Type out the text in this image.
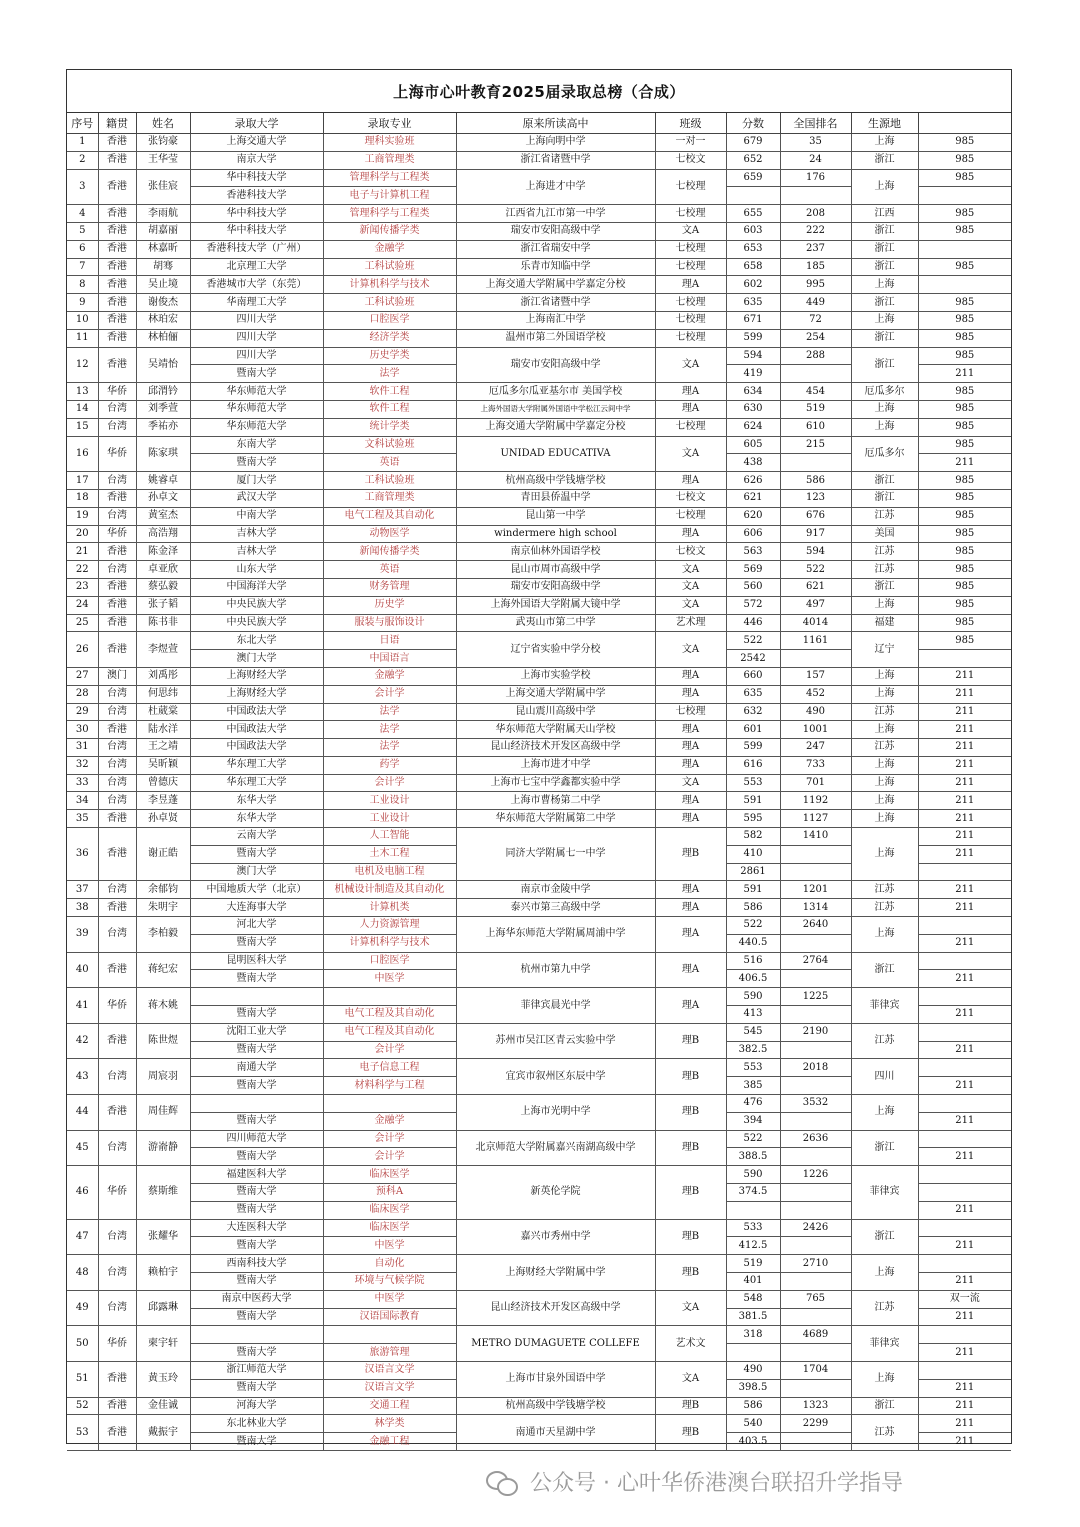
上海市心叶教育2025届录取总榜（合成）
序号	籍贯	姓名	录取大学	录取专业	原来所读高中	班级	分数	全国排名	生源地	
1	香港	张钧豪	上海交通大学	理科实验班	上海向明中学	一对一	679	35	上海	985
2	香港	王华莹	南京大学	工商管理类	浙江省诸暨中学	七校文	652	24	浙江	985
3	香港	张佳宸	华中科技大学	管理科学与工程类	上海进才中学	七校理	659	176	上海	985
			香港科技大学	电子与计算机工程						
4	香港	李雨航	华中科技大学	管理科学与工程类	江西省九江市第一中学	七校理	655	208	江西	985
5	香港	胡嘉丽	华中科技大学	新闻传播学类	瑞安市安阳高级中学	文A	603	222	浙江	985
6	香港	林嘉昕	香港科技大学（广州）	金融学	浙江省瑞安中学	七校理	653	237	浙江	
7	香港	胡骞	北京理工大学	工科试验班	乐青市知临中学	七校理	658	185	浙江	985
8	香港	吴止境	香港城市大学（东莞）	计算机科学与技术	上海交通大学附属中学嘉定分校	理A	602	995	上海	
9	香港	谢俊杰	华南理工大学	工科试验班	浙江省诸暨中学	七校理	635	449	浙江	985
10	香港	林珀宏	四川大学	口腔医学	上海南汇中学	七校理	671	72	上海	985
11	香港	林柏俪	四川大学	经济学类	温州市第二外国语学校	七校理	599	254	浙江	985
12	香港	吴靖怡	四川大学	历史学类	瑞安市安阳高级中学	文A	594	288	浙江	985
			暨南大学	法学			419			211
13	华侨	邱渭钤	华东师范大学	软件工程	厄瓜多尔瓜亚基尔市 美国学校	理A	634	454	厄瓜多尔	985
14	台湾	刘季萱	华东师范大学	软件工程	上海外国语大学附属外国语中学松江云间中学	理A	630	519	上海	985
15	台湾	季祐亦	华东师范大学	统计学类	上海交通大学附属中学嘉定分校	七校理	624	610	上海	985
16	华侨	陈家琪	东南大学	文科试验班	UNIDAD EDUCATIVA	文A	605	215	厄瓜多尔	985
			暨南大学	英语			438			211
17	台湾	姚睿卓	厦门大学	工科试验班	杭州高级中学钱塘学校	理A	626	586	浙江	985
18	香港	孙卓文	武汉大学	工商管理类	青田县侨温中学	七校文	621	123	浙江	985
19	台湾	黄室杰	中南大学	电气工程及其自动化	昆山第一中学	七校理	620	676	江苏	985
20	华侨	高浩翔	吉林大学	动物医学	windermere high school	理A	606	917	美国	985
21	香港	陈金泽	吉林大学	新闻传播学类	南京仙林外国语学校	七校文	563	594	江苏	985
22	台湾	卓亚欣	山东大学	英语	昆山市周市高级中学	文A	569	522	江苏	985
23	香港	蔡弘毅	中国海洋大学	财务管理	瑞安市安阳高级中学	文A	560	621	浙江	985
24	香港	张子韬	中央民族大学	历史学	上海外国语大学附属大镜中学	文A	572	497	上海	985
25	香港	陈书非	中央民族大学	服装与服饰设计	武夷山市第二中学	艺术理	446	4014	福建	985
26	香港	李煜萱	东北大学	日语	辽宁省实验中学分校	文A	522	1161	辽宁	985
			澳门大学	中国语言			2542			
27	澳门	刘禹彤	上海财经大学	金融学	上海市实验学校	理A	660	157	上海	211
28	台湾	何思纬	上海财经大学	会计学	上海交通大学附属中学	理A	635	452	上海	211
29	台湾	杜葳棠	中国政法大学	法学	昆山震川高级中学	七校理	632	490	江苏	211
30	香港	陆水洋	中国政法大学	法学	华东师范大学附属天山学校	理A	601	1001	上海	211
31	台湾	王之靖	中国政法大学	法学	昆山经济技术开发区高级中学	理A	599	247	江苏	211
32	台湾	吴昕颖	华东理工大学	药学	上海市进才中学	理A	616	733	上海	211
33	台湾	曾德庆	华东理工大学	会计学	上海市七宝中学鑫都实验中学	文A	553	701	上海	211
34	台湾	李昱蓬	东华大学	工业设计	上海市曹杨第二中学	理A	591	1192	上海	211
35	香港	孙卓贤	东华大学	工业设计	华东师范大学附属第二中学	理A	595	1127	上海	211
36	香港	谢正皓	云南大学	人工智能	同济大学附属七一中学	理B	582	1410	上海	211
			暨南大学	土木工程			410			211
			澳门大学	电机及电脑工程			2861			
37	台湾	余郁钧	中国地质大学（北京）	机械设计制造及其自动化	南京市金陵中学	理A	591	1201	江苏	211
38	香港	朱明宇	大连海事大学	计算机类	泰兴市第三高级中学	理A	586	1314	江苏	211
39	台湾	李柏毅	河北大学	人力资源管理	上海华东师范大学附属周浦中学	理A	522	2640	上海	
			暨南大学	计算机科学与技术			440.5			211
40	香港	蒋纪宏	昆明医科大学	口腔医学	杭州市第九中学	理A	516	2764	浙江	
			暨南大学	中医学			406.5			211
41	华侨	蒋木姚			菲律宾晨光中学	理A	590	1225	菲律宾	
			暨南大学	电气工程及其自动化			413			211
42	香港	陈世煜	沈阳工业大学	电气工程及其自动化	苏州市吴江区青云实验中学	理B	545	2190	江苏	
			暨南大学	会计学			382.5			211
43	台湾	周宸羽	南通大学	电子信息工程	宜宾市叙州区东辰中学	理B	553	2018	四川	
			暨南大学	材料科学与工程			385			211
44	香港	周佳辉			上海市光明中学	理B	476	3532	上海	
			暨南大学	金融学			394			211
45	台湾	游嵛静	四川师范大学	会计学	北京师范大学附属嘉兴南湖高级中学	理B	522	2636	浙江	
			暨南大学	会计学			388.5			211
46	华侨	蔡斯维	福建医科大学	临床医学	新英伦学院	理B	590	1226	菲律宾	
			暨南大学	预科A			374.5			
			暨南大学	临床医学						211
47	台湾	张耀华	大连医科大学	临床医学	嘉兴市秀州中学	理B	533	2426	浙江	
			暨南大学	中医学			412.5			211
48	台湾	赖柏宇	西南科技大学	自动化	上海财经大学附属中学	理B	519	2710	上海	
			暨南大学	环境与气候学院			401			211
49	台湾	邱露琳	南京中医药大学	中医学	昆山经济技术开发区高级中学	文A	548	765	江苏	双一流
			暨南大学	汉语国际教育			381.5			211
50	华侨	柬宇轩			METRO DUMAGUETE COLLEFE	艺术文	318	4689	菲律宾	
			暨南大学	旅游管理						211
51	香港	黄玉玲	浙江师范大学	汉语言文学	上海市甘泉外国语中学	文A	490	1704	上海	
			暨南大学	汉语言文学			398.5			211
52	香港	金佳诚	河海大学	交通工程	杭州高级中学钱塘学校	理B	586	1323	浙江	211
53	香港	戴振宇	东北林业大学	林学类	南通市天星湖中学	理B	540	2299	江苏	211
			暨南大学	金融工程			403.5			211
公众号 · 心叶华侨港澳台联招升学指导
